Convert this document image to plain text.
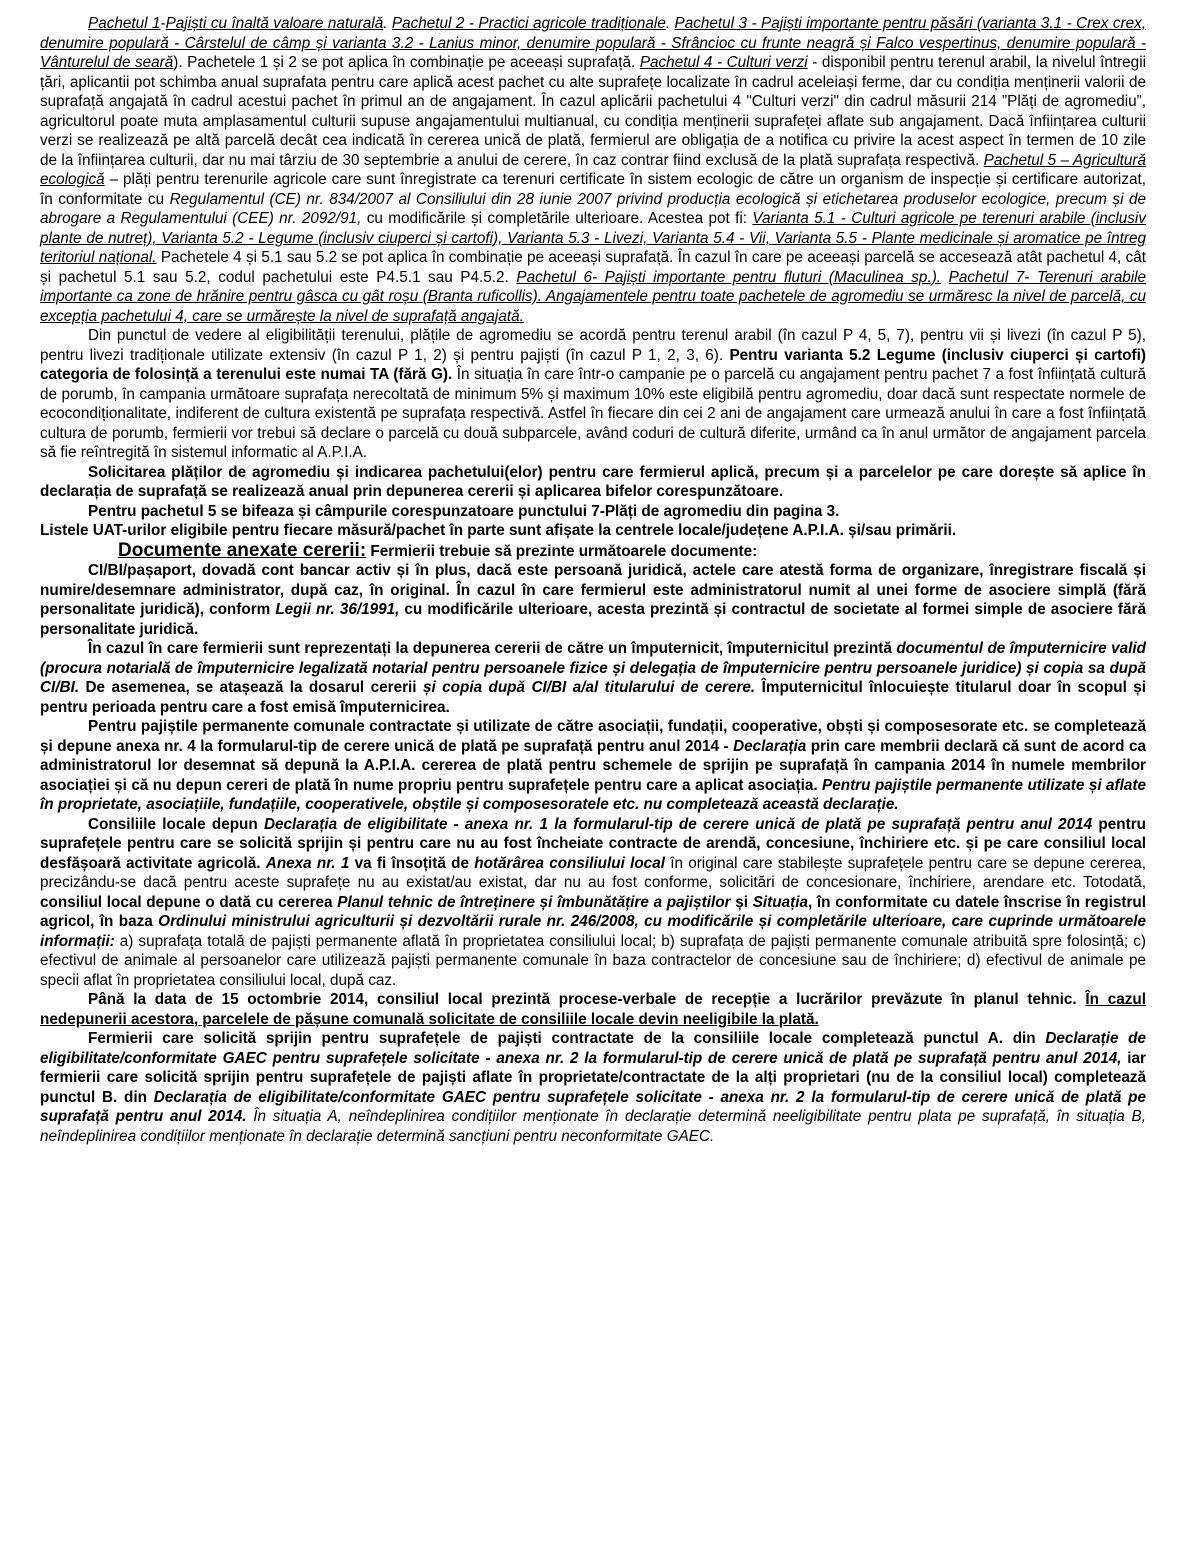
Pachetul 1-Pajiști cu înaltă valoare naturală. Pachetul 2 - Practici agricole tradiționale. Pachetul 3 - Pajiști importante pentru păsări (varianta 3.1 - Crex crex, denumire populară - Cârstelul de câmp și varianta 3.2 - Lanius minor, denumire populară - Sfrâncioc cu frunte neagră și Falco vespertinus, denumire populară - Vânturelul de seară). Pachetele 1 și 2 se pot aplica în combinație pe aceeași suprafață. Pachetul 4 - Culturi verzi - disponibil pentru terenul arabil, la nivelul întregii țări, aplicantii pot schimba anual suprafata pentru care aplică acest pachet cu alte suprafețe localizate în cadrul aceleiași ferme, dar cu condiția menținerii valorii de suprafață angajată în cadrul acestui pachet în primul an de angajament. În cazul aplicării pachetului 4 "Culturi verzi" din cadrul măsurii 214 ”Plăți de agromediu”, agricultorul poate muta amplasamentul culturii supuse angajamentului multianual, cu condiția menținerii suprafeței aflate sub angajament. Dacă înființarea culturii verzi se realizează pe altă parcelă decât cea indicată în cererea unică de plată, fermierul are obligația de a notifica cu privire la acest aspect în termen de 10 zile de la înființarea culturii, dar nu mai târziu de 30 septembrie a anului de cerere, în caz contrar fiind exclusă de la plată suprafața respectivă. Pachetul 5 – Agricultură ecologică – plăți pentru terenurile agricole care sunt înregistrate ca terenuri certificate în sistem ecologic de către un organism de inspecție și certificare autorizat, în conformitate cu Regulamentul (CE) nr. 834/2007 al Consiliului din 28 iunie 2007 privind producția ecologică și etichetarea produselor ecologice, precum și de abrogare a Regulamentului (CEE) nr. 2092/91, cu modificările și completările ulterioare. Acestea pot fi: Varianta 5.1 - Culturi agricole pe terenuri arabile (inclusiv plante de nutreț), Varianta 5.2 - Legume (inclusiv ciuperci și cartofi), Varianta 5.3 - Livezi, Varianta 5.4 - Vii, Varianta 5.5 - Plante medicinale și aromatice pe întreg teritoriul național. Pachetele 4 și 5.1 sau 5.2 se pot aplica în combinație pe aceeași suprafață. În cazul în care pe aceeași parcelă se accesează atât pachetul 4, cât și pachetul 5.1 sau 5.2, codul pachetului este P4.5.1 sau P4.5.2. Pachetul 6- Pajiști importante pentru fluturi (Maculinea sp.). Pachetul 7- Terenuri arabile importante ca zone de hrănire pentru gâsca cu gât roșu (Branta ruficollis). Angajamentele pentru toate pachetele de agromediu se urmăresc la nivel de parcelă, cu excepția pachetului 4, care se urmărește la nivel de suprafață angajată.

Din punctul de vedere al eligibilității terenului, plățile de agromediu se acordă pentru terenul arabil (în cazul P 4, 5, 7), pentru vii și livezi (în cazul P 5), pentru livezi tradiționale utilizate extensiv (în cazul P 1, 2) și pentru pajiști (în cazul P 1, 2, 3, 6). Pentru varianta 5.2 Legume (inclusiv ciuperci și cartofi) categoria de folosință a terenului este numai TA (fără G). În situația în care într-o campanie pe o parcelă cu angajament pentru pachet 7 a fost înființată cultură de porumb, în campania următoare suprafața nerecoltată de minimum 5% și maximum 10% este eligibilă pentru agromediu, doar dacă sunt respectate normele de ecocondiționalitate, indiferent de cultura existentă pe suprafața respectivă. Astfel în fiecare din cei 2 ani de angajament care urmează anului în care a fost înființată cultura de porumb, fermierii vor trebui să declare o parcelă cu două subparcele, având coduri de cultură diferite, urmând ca în anul următor de angajament parcela să fie reîntregită în sistemul informatic al A.P.I.A.

Solicitarea plăților de agromediu și indicarea pachetului(elor) pentru care fermierul aplică, precum și a parcelelor pe care dorește să aplice în declarația de suprafață se realizează anual prin depunerea cererii și aplicarea bifelor corespunzătoare.

Pentru pachetul 5 se bifeaza și câmpurile corespunzatoare punctului 7-Plăți de agromediu din pagina 3.

Listele UAT-urilor eligibile pentru fiecare măsură/pachet în parte sunt afișate la centrele locale/județene A.P.I.A. și/sau primării.

Documente anexate cererii: Fermierii trebuie să prezinte următoarele documente:

CI/BI/pașaport, dovadă cont bancar activ și în plus, dacă este persoană juridică, actele care atestă forma de organizare, înregistrare fiscală și numire/desemnare administrator, după caz, în original. În cazul în care fermierul este administratorul numit al unei forme de asociere simplă (fără personalitate juridică), conform Legii nr. 36/1991, cu modificările ulterioare, acesta prezintă și contractul de societate al formei simple de asociere fără personalitate juridică.

În cazul în care fermierii sunt reprezentați la depunerea cererii de către un împuternicit, împuternicitul prezintă documentul de împuternicire valid (procura notarială de împuternicire legalizată notarial pentru persoanele fizice și delegația de împuternicire pentru persoanele juridice) și copia sa după CI/BI. De asemenea, se atașează la dosarul cererii și copia după CI/BI a/al titularului de cerere. Împuternicitul înlocuiește titularul doar în scopul și pentru perioada pentru care a fost emisă împuternicirea.

Pentru pajiștile permanente comunale contractate și utilizate de către asociații, fundații, cooperative, obști și composesorate etc. se completează și depune anexa nr. 4 la formularul-tip de cerere unică de plată pe suprafață pentru anul 2014 - Declarația prin care membrii declară că sunt de acord ca administratorul lor desemnat să depună la A.P.I.A. cererea de plată pentru schemele de sprijin pe suprafață în campania 2014 în numele membrilor asociației și că nu depun cereri de plată în nume propriu pentru suprafețele pentru care a aplicat asociația. Pentru pajiștile permanente utilizate și aflate în proprietate, asociațiile, fundațiile, cooperativele, obștile și composesoratele etc. nu completează această declarație.

Consiliile locale depun Declarația de eligibilitate - anexa nr. 1 la formularul-tip de cerere unică de plată pe suprafață pentru anul 2014 pentru suprafețele pentru care se solicită sprijin și pentru care nu au fost încheiate contracte de arendă, concesiune, închiriere etc. și pe care consiliul local desfășoară activitate agricolă. Anexa nr. 1 va fi însoțită de hotărârea consiliului local în original care stabilește suprafețele pentru care se depune cererea, precizându-se dacă pentru aceste suprafețe nu au existat/au existat, dar nu au fost conforme, solicitări de concesionare, închiriere, arendare etc. Totodată, consiliul local depune o dată cu cererea Planul tehnic de întreținere și îmbunătățire a pajiștilor și Situația, în conformitate cu datele înscrise în registrul agricol, în baza Ordinului ministrului agriculturii și dezvoltării rurale nr. 246/2008, cu modificările și completările ulterioare, care cuprinde următoarele informații: a) suprafața totală de pajiști permanente aflată în proprietatea consiliului local; b) suprafața de pajiști permanente comunale atribuită spre folosință; c) efectivul de animale al persoanelor care utilizează pajiști permanente comunale în baza contractelor de concesiune sau de închiriere; d) efectivul de animale pe specii aflat în proprietatea consiliului local, după caz.

Până la data de 15 octombrie 2014, consiliul local prezintă procese-verbale de recepție a lucrărilor prevăzute în planul tehnic. În cazul nedepunerii acestora, parcelele de pășune comunală solicitate de consiliile locale devin neeligibile la plată.

Fermierii care solicită sprijin pentru suprafețele de pajiști contractate de la consiliile locale completează punctul A. din Declarație de eligibilitate/conformitate GAEC pentru suprafețele solicitate - anexa nr. 2 la formularul-tip de cerere unică de plată pe suprafață pentru anul 2014, iar fermierii care solicită sprijin pentru suprafețele de pajiști aflate în proprietate/contractate de la alți proprietari (nu de la consiliul local) completează punctul B. din Declarația de eligibilitate/conformitate GAEC pentru suprafețele solicitate - anexa nr. 2 la formularul-tip de cerere unică de plată pe suprafață pentru anul 2014. În situația A, neîndeplinirea condițiilor menționate în declarație determină neeligibilitate pentru plata pe suprafață, în situația B, neîndeplinirea condițiilor menționate în declarație determină sancțiuni pentru neconformitate GAEC.
